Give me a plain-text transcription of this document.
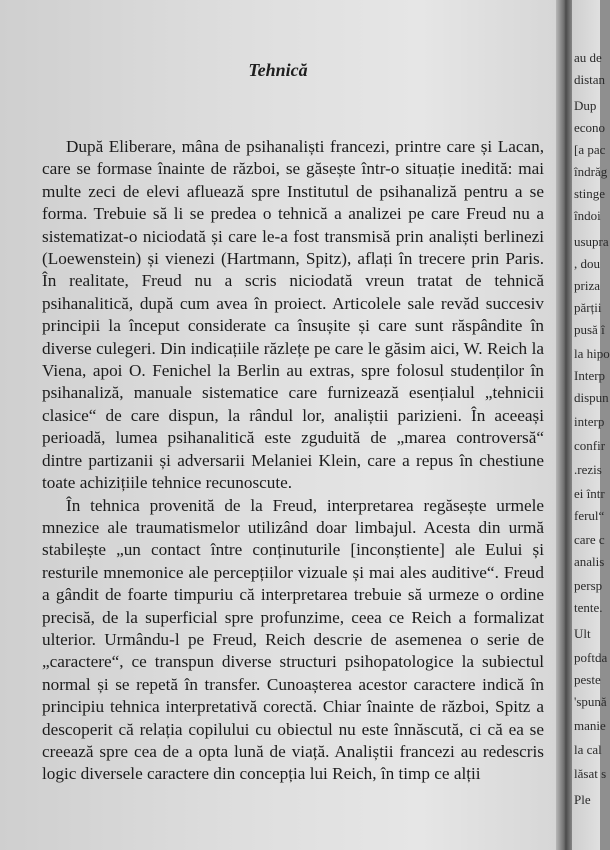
Tehnică

După Eliberare, mâna de psihanaliști francezi, printre care și Lacan, care se formase înainte de război, se găsește într-o situație inedită: mai multe zeci de elevi afluează spre Institutul de psihanaliză pentru a se forma. Trebuie să li se predea o tehnică a analizei pe care Freud nu a sistematizat-o niciodată și care le-a fost transmisă prin analiști berlinezi (Loewenstein) și vienezi (Hartmann, Spitz), aflați în trecere prin Paris. În realitate, Freud nu a scris niciodată vreun tratat de tehnică psihanalitică, după cum avea în proiect. Articolele sale revăd succesiv principii la început considerate ca însușite și care sunt răspândite în diverse culegeri. Din indicațiile răzlețe pe care le găsim aici, W. Reich la Viena, apoi O. Fenichel la Berlin au extras, spre folosul studenților în psihanaliză, manuale sistematice care furnizează esențialul „tehnicii clasice“ de care dispun, la rândul lor, analiștii parizieni. În aceeași perioadă, lumea psihanalitică este zguduită de „marea controversă“ dintre partizanii și adversarii Melaniei Klein, care a repus în chestiune toate achizițiile tehnice recunoscute.

În tehnica provenită de la Freud, interpretarea regăsește urmele mnezice ale traumatismelor utilizând doar limbajul. Acesta din urmă stabilește „un contact între conținuturile [inconștiente] ale Eului și resturile mnemonice ale percepțiilor vizuale și mai ales auditive“. Freud a gândit de foarte timpuriu că interpretarea trebuie să urmeze o ordine precisă, de la superficial spre profunzime, ceea ce Reich a formalizat ulterior. Urmându-l pe Freud, Reich descrie de asemenea o serie de „caractere“, ce transpun diverse structuri psihopatologice la subiectul normal și se repetă în transfer. Cunoașterea acestor caractere indică în principiu tehnica interpretativă corectă. Chiar înainte de război, Spitz a descoperit că relația copilului cu obiectul nu este înnăscută, ci că ea se creează spre cea de a opta lună de viață. Analiștii francezi au redescris logic diversele caractere din concepția lui Reich, în timp ce alții

au de
distan
Dup
econo
[a pac
îndrăg
stinge
îndoi
usupra
, dou
priza
părții
pusă î
la hipo
Interp
dispun
interp
confir
.rezis
ei într
ferul“
care c
analis
persp
tente.
Ult
poftda
peste
'spună
manie
la cal
lăsat s
Ple
